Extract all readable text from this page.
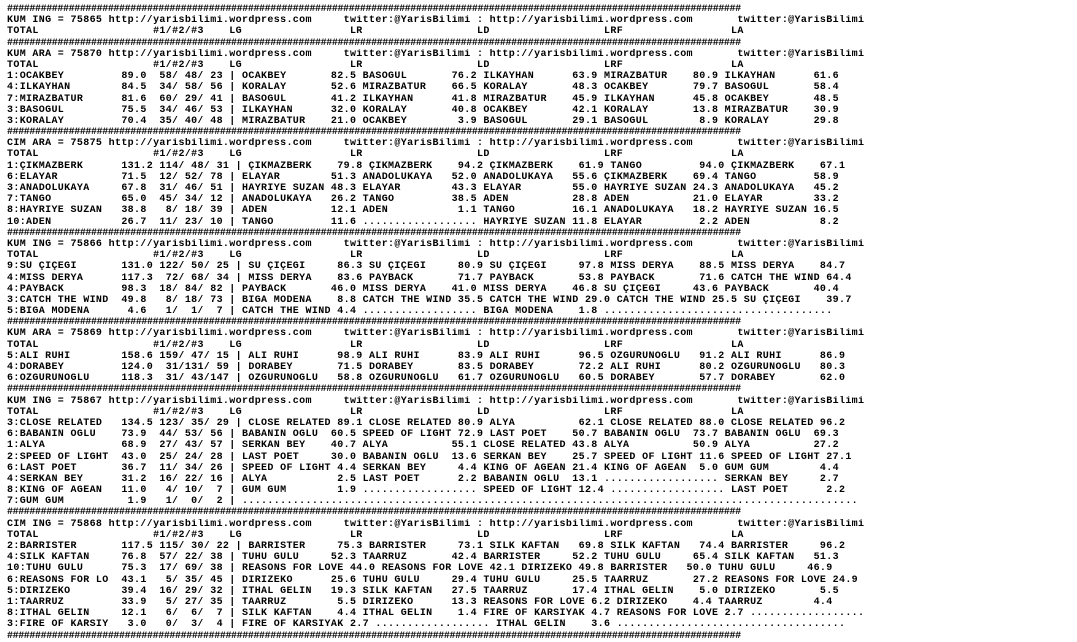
###################################################################################################################################
KUM ING = 75865 http://yarisbilimi.wordpress.com     twitter:@YarisBilimi : http://yarisbilimi.wordpress.com       twitter:@YarisBilimi
TOTAL                  #1/#2/#3    LG                 LR                  LD                  LRF                 LA
###################################################################################################################################
KUM ARA = 75870 http://yarisbilimi.wordpress.com     twitter:@YarisBilimi : http://yarisbilimi.wordpress.com       twitter:@YarisBilimi
TOTAL                  #1/#2/#3    LG                 LR                  LD                  LRF                 LA
1:OCAKBEY         89.0  58/ 48/ 23 | OCAKBEY       82.5 BASOGUL       76.2 ILKAYHAN      63.9 MIRAZBATUR    80.9 ILKAYHAN      61.6
4:ILKAYHAN        84.5  34/ 58/ 56 | KORALAY       52.6 MIRAZBATUR    66.5 KORALAY       48.3 OCAKBEY       79.7 BASOGUL       58.4
7:MIRAZBATUR      81.6  60/ 29/ 41 | BASOGUL       41.2 ILKAYHAN      41.8 MIRAZBATUR    45.9 ILKAYHAN      45.8 OCAKBEY       48.5
3:BASOGUL         75.5  34/ 46/ 53 | ILKAYHAN      32.0 KORALAY       40.8 OCAKBEY       42.1 KORALAY       13.8 MIRAZBATUR    30.9
3:KORALAY         70.4  35/ 40/ 48 | MIRAZBATUR    21.0 OCAKBEY        3.9 BASOGUL       29.1 BASOGUL        8.9 KORALAY       29.8
###################################################################################################################################
CIM ARA = 75875 http://yarisbilimi.wordpress.com     twitter:@YarisBilimi : http://yarisbilimi.wordpress.com       twitter:@YarisBilimi
TOTAL                  #1/#2/#3    LG                 LR                  LD                  LRF                 LA
1:ÇIKMAZBERK      131.2 114/ 48/ 31 | ÇIKMAZBERK    79.8 ÇIKMAZBERK    94.2 ÇIKMAZBERK    61.9 TANGO         94.0 ÇIKMAZBERK    67.1
6:ELAYAR          71.5  12/ 52/ 78 | ELAYAR        51.3 ANADOLUKAYA   52.0 ANADOLUKAYA   55.6 ÇIKMAZBERK    69.4 TANGO         58.9
3:ANADOLUKAYA     67.8  31/ 46/ 51 | HAYRIYE SUZAN 48.3 ELAYAR        43.3 ELAYAR        55.0 HAYRIYE SUZAN 24.3 ANADOLUKAYA   45.2
7:TANGO           65.0  45/ 34/ 12 | ANADOLUKAYA   26.2 TANGO         38.5 ADEN          28.8 ADEN          21.0 ELAYAR        33.2
8:HAYRIYE SUZAN   38.8   8/ 18/ 39 | ADEN          12.1 ADEN           1.1 TANGO         16.1 ANADOLUKAYA   18.2 HAYRIYE SUZAN 16.5
10:ADEN           26.7  11/ 23/ 10 | TANGO         11.6 .................. HAYRIYE SUZAN 11.8 ELAYAR         2.2 ADEN           8.2
###################################################################################################################################
KUM ING = 75866 http://yarisbilimi.wordpress.com     twitter:@YarisBilimi : http://yarisbilimi.wordpress.com       twitter:@YarisBilimi
TOTAL                  #1/#2/#3    LG                 LR                  LD                  LRF                 LA
9:SU ÇIÇEGI       131.0 122/ 50/ 25 | SU ÇIÇEGI     86.3 SU ÇIÇEGI     80.9 SU ÇIÇEGI     97.8 MISS DERYA    88.5 MISS DERYA    84.7
4:MISS DERYA      117.3  72/ 68/ 34 | MISS DERYA    83.6 PAYBACK       71.7 PAYBACK       53.8 PAYBACK       71.6 CATCH THE WIND 64.4
4:PAYBACK         98.3  18/ 84/ 82 | PAYBACK       46.0 MISS DERYA    41.0 MISS DERYA    46.8 SU ÇIÇEGI     43.6 PAYBACK       40.4
3:CATCH THE WIND  49.8   8/ 18/ 73 | BIGA MODENA    8.8 CATCH THE WIND 35.5 CATCH THE WIND 29.0 CATCH THE WIND 25.5 SU ÇIÇEGI    39.7
5:BIGA MODENA      4.6   1/  1/  7 | CATCH THE WIND 4.4 .................. BIGA MODENA    1.8 ....................................
###################################################################################################################################
KUM ARA = 75869 http://yarisbilimi.wordpress.com     twitter:@YarisBilimi : http://yarisbilimi.wordpress.com       twitter:@YarisBilimi
TOTAL                  #1/#2/#3    LG                 LR                  LD                  LRF                 LA
5:ALI RUHI        158.6 159/ 47/ 15 | ALI RUHI      98.9 ALI RUHI      83.9 ALI RUHI      96.5 ÖZGÜRÜNOGLU   91.2 ALI RUHI      86.9
4:DORABEY         124.0  31/131/ 59 | DORABEY       71.5 DORABEY       83.5 DORABEY       72.2 ALI RUHI      80.2 ÖZGÜRÜNOGLU   80.3
6:ÖZGÜRÜNOGLU     118.3  31/ 43/147 | ÖZGÜRÜNOGLU   58.8 ÖZGÜRÜNOGLU   61.7 ÖZGÜRÜNOGLU   60.5 DORABEY       57.7 DORABEY       62.0
###################################################################################################################################
KUM ING = 75867 http://yarisbilimi.wordpress.com     twitter:@YarisBilimi : http://yarisbilimi.wordpress.com       twitter:@YarisBilimi
TOTAL                  #1/#2/#3    LG                 LR                  LD                  LRF                 LA
3:CLOSE RELATED   134.5 123/ 35/ 29 | CLOSE RELATED 89.1 CLOSE RELATED 80.9 ALYA          62.1 CLOSE RELATED 88.0 CLOSE RELATED 96.2
6:BABANIN OGLU    73.9  44/ 53/ 56 | BABANIN OGLU  60.5 SPEED OF LIGHT 72.9 LAST POET    50.7 BABANIN OGLU  73.7 BABANIN OGLU  69.3
1:ALYA            68.9  27/ 43/ 57 | SERKAN BEY    40.7 ALYA          55.1 CLOSE RELATED 43.8 ALYA          50.9 ALYA          27.2
2:SPEED OF LIGHT  43.0  25/ 24/ 28 | LAST POET     30.0 BABANIN OGLU  13.6 SERKAN BEY    25.7 SPEED OF LIGHT 11.6 SPEED OF LIGHT 27.1
6:LAST POET       36.7  11/ 34/ 26 | SPEED OF LIGHT 4.4 SERKAN BEY     4.4 KING OF AGEAN 21.4 KING OF AGEAN  5.0 GÜM GÜM        4.4
4:SERKAN BEY      31.2  16/ 22/ 16 | ALYA           2.5 LAST POET      2.2 BABANIN OGLU  13.1 .................. SERKAN BEY     2.7
8:KING OF AGEAN   11.0   4/ 10/  7 | GÜM GÜM        1.9 .................. SPEED OF LIGHT 12.4 .................. LAST POET      2.2
7:GÜM GÜM          1.9   1/  0/  2 | .................................................................................................
###################################################################################################################################
CIM ING = 75868 http://yarisbilimi.wordpress.com     twitter:@YarisBilimi : http://yarisbilimi.wordpress.com       twitter:@YarisBilimi
TOTAL                  #1/#2/#3    LG                 LR                  LD                  LRF                 LA
2:BARRISTER       117.5 115/ 30/ 22 | BARRISTER     75.3 BARRISTER     73.1 SILK KAFTAN   69.8 SILK KAFTAN   74.4 BARRISTER     96.2
4:SILK KAFTAN     76.8  57/ 22/ 38 | TUHU GÜLÜ     52.3 TAARRUZ       42.4 BARRISTER     52.2 TUHU GÜLÜ     65.4 SILK KAFTAN   51.3
10:TUHU GÜLÜ      75.3  17/ 69/ 38 | REASONS FOR LOVE 44.0 REASONS FOR LOVE 42.1 DIRIZEKO 49.8 BARRISTER   50.0 TUHU GÜLÜ     46.9
6:REASONS FOR LO  43.1   5/ 35/ 45 | DIRIZEKO      25.6 TUHU GÜLÜ     29.4 TUHU GÜLÜ     25.5 TAARRUZ       27.2 REASONS FOR LOVE 24.9
5:DIRIZEKO        39.4  16/ 29/ 32 | ITHAL GELIN   19.3 SILK KAFTAN   27.5 TAARRUZ       17.4 ITHAL GELIN    5.0 DIRIZEKO       5.5
1:TAARRUZ         33.9   5/ 27/ 35 | TAARRUZ        5.5 DIRIZEKO      13.3 REASONS FOR LOVE 6.2 DIRIZEKO    4.4 TAARRUZ        4.4
8:ITHAL GELIN     12.1   6/  6/  7 | SILK KAFTAN    4.4 ITHAL GELIN    1.4 FIRE OF KARSIYAK 4.7 REASONS FOR LOVE 2.7 ..................
3:FIRE OF KARSIY   3.0   0/  3/  4 | FIRE OF KARSIYAK 2.7 .................. ITHAL GELIN    3.6 ....................................
###################################################################################################################################
